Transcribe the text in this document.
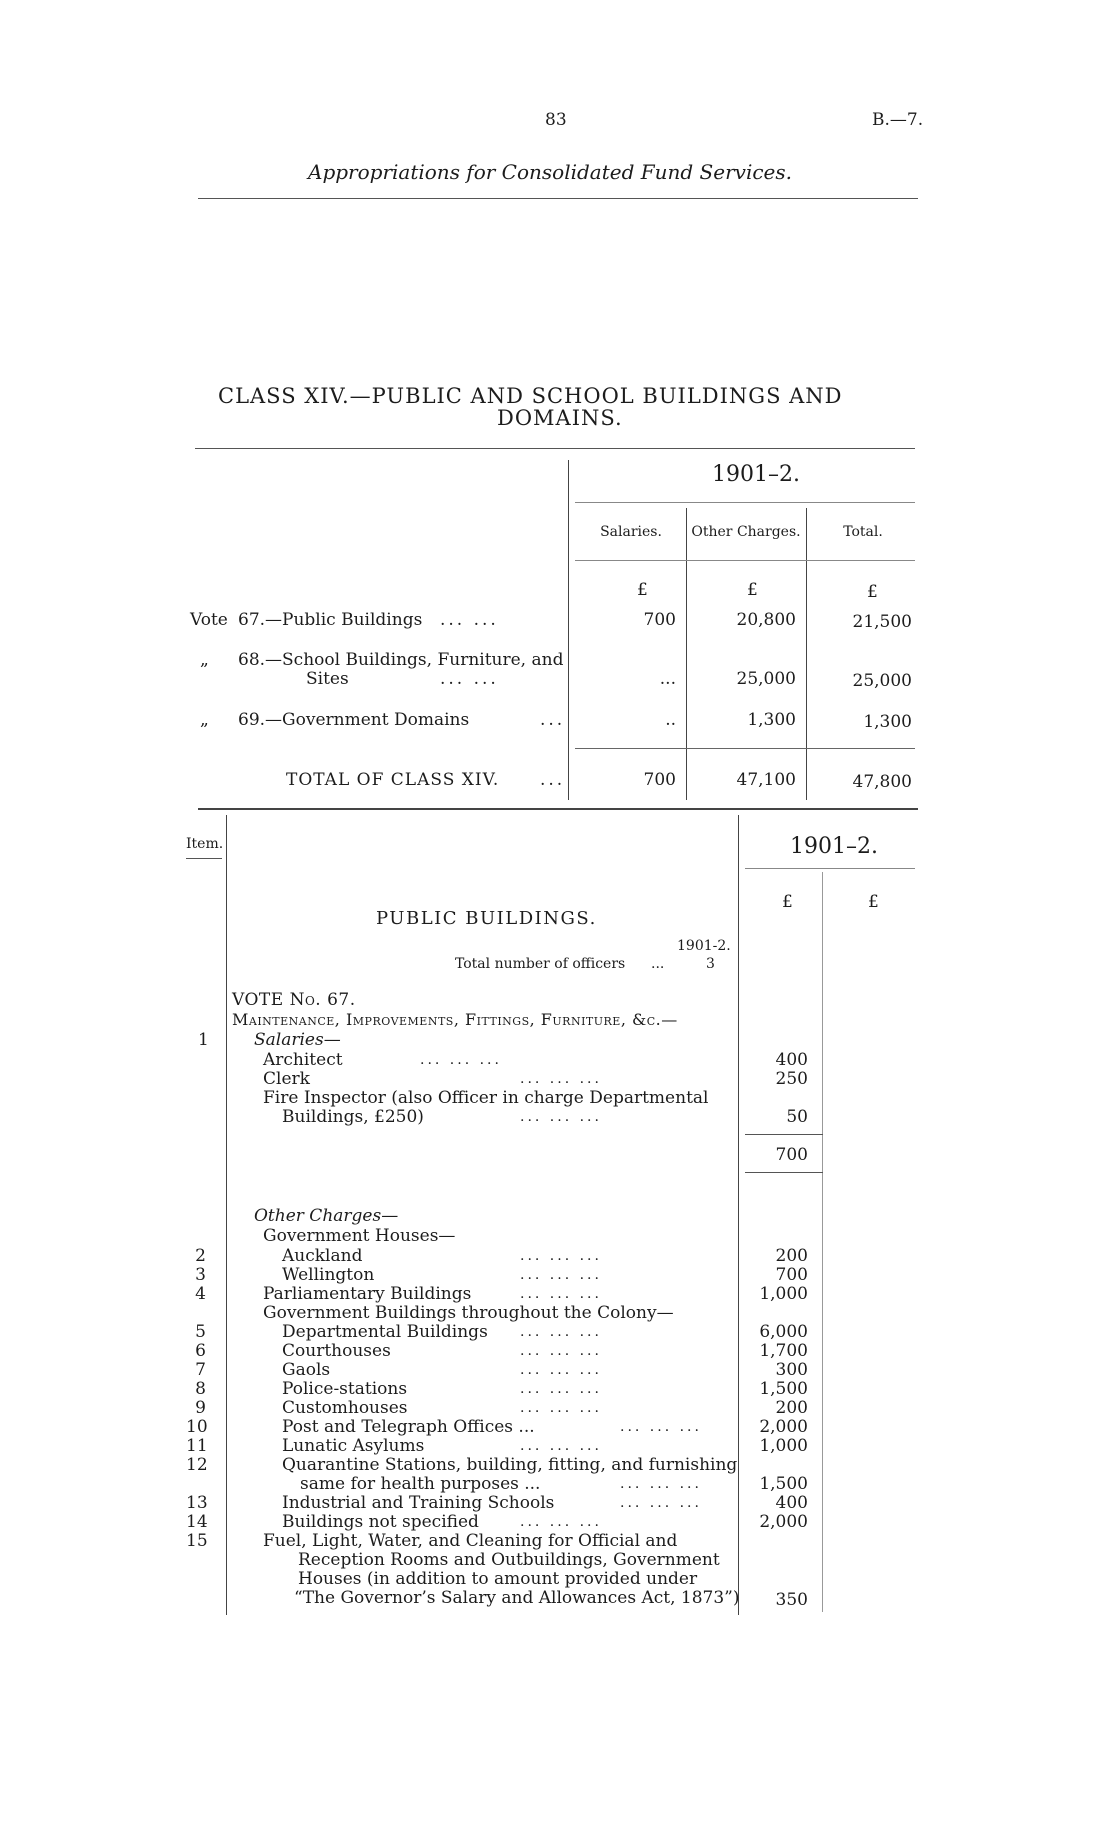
83	B.—7.
Appropriations for Consolidated Fund Services.
CLASS XIV.—PUBLIC AND SCHOOL BUILDINGS AND
DOMAINS.
1901–2.
Salaries.	Other Charges.	Total.
£	£	£
Vote 67.—Public Buildings ... ...	700	20,800	21,500
„ 68.—School Buildings, Furniture, and
Sites	... ...	...	25,000	25,000
„ 69.—Government Domains	...	..	1,300	1,300
TOTAL OF CLASS XIV. ...	700	47,100	47,800
Item.	1901–2.
£	£
PUBLIC BUILDINGS.
1901-2.
Total number of officers ...	3
VOTE No. 67.
Maintenance, Improvements, Fittings, Furniture, &c.—
Salaries—
1
Architect	... ... ...	400
Clerk	... ... ...	250
Fire Inspector (also Officer in charge Departmental
Buildings, £250)	... ... ...	50
700
Other Charges—
Government Houses—
2	Auckland	... ... ...	200
3	Wellington	... ... ...	700
4	Parliamentary Buildings	... ... ...	1,000
Government Buildings throughout the Colony—
5	Departmental Buildings ... ... ...	6,000
6	Courthouses	... ... ...	1,700
7	Gaols	... ... ...	300
8	Police-stations	... ... ...	1,500
9	Customhouses	... ... ...	200
10	Post and Telegraph Offices ...	... ... ...	2,000
11	Lunatic Asylums	... ... ...	1,000
12	Quarantine Stations, building, fitting, and furnishing
same for health purposes ...	... ... ...	1,500
13	Industrial and Training Schools	... ... ...	400
14	Buildings not specified	... ... ...	2,000
15	Fuel, Light, Water, and Cleaning for Official and
Reception Rooms and Outbuildings, Government
Houses (in addition to amount provided under
“The Governor’s Salary and Allowances Act, 1873”)	350
